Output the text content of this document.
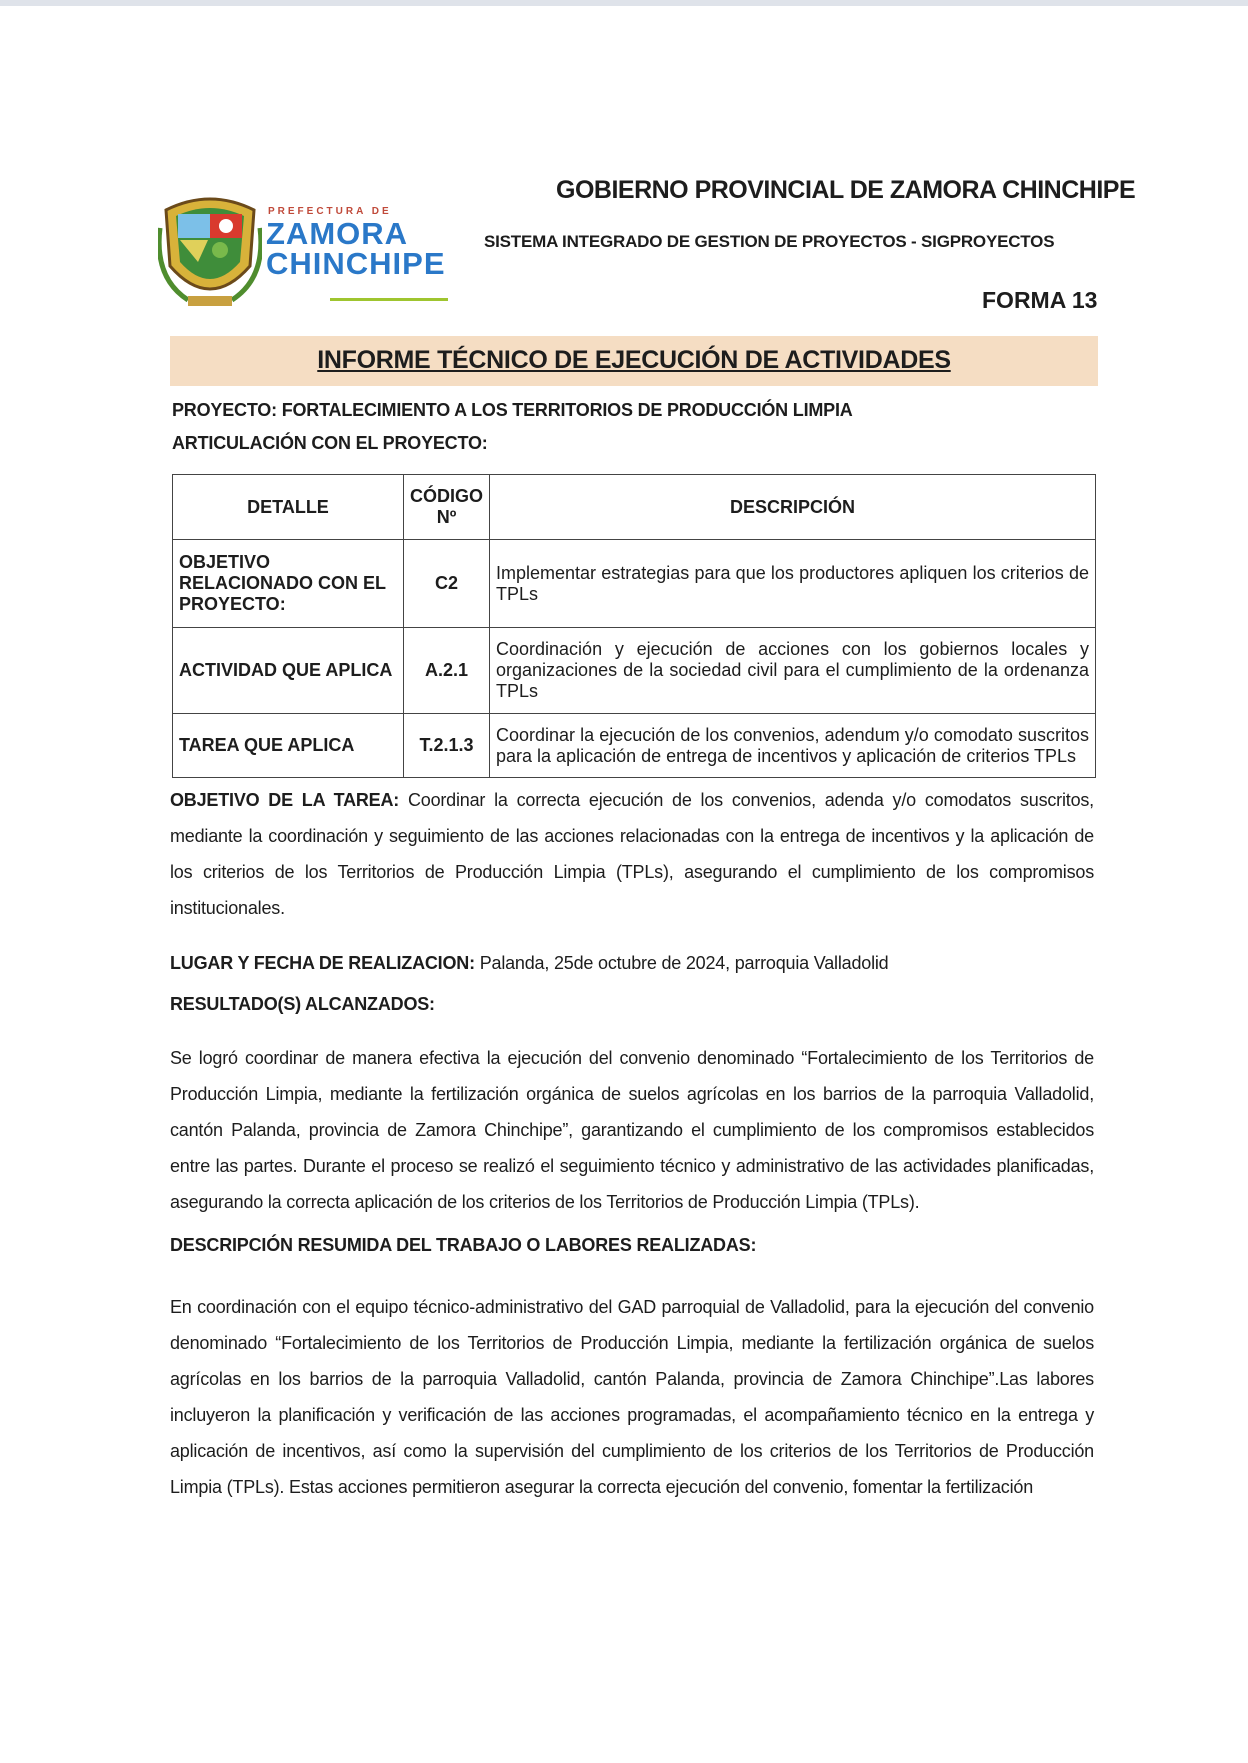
PREFECTURA DE
ZAMORA
CHINCHIPE
GOBIERNO PROVINCIAL DE ZAMORA CHINCHIPE
SISTEMA INTEGRADO DE GESTION DE PROYECTOS - SIGPROYECTOS
FORMA 13
INFORME TÉCNICO DE EJECUCIÓN DE ACTIVIDADES
PROYECTO: FORTALECIMIENTO A LOS TERRITORIOS DE PRODUCCIÓN LIMPIA
ARTICULACIÓN CON EL PROYECTO:
DETALLE	CÓDIGO Nº	DESCRIPCIÓN
OBJETIVO RELACIONADO CON EL PROYECTO:	C2	Implementar estrategias para que los productores apliquen los criterios de TPLs
ACTIVIDAD QUE APLICA	A.2.1	Coordinación y ejecución de acciones con los gobiernos locales y organizaciones de la sociedad civil para el cumplimiento de la ordenanza TPLs
TAREA QUE APLICA	T.2.1.3	Coordinar la ejecución de los convenios, adendum y/o comodato suscritos para la aplicación de entrega de incentivos y aplicación de criterios TPLs
OBJETIVO DE LA TAREA: Coordinar la correcta ejecución de los convenios, adenda y/o comodatos suscritos, mediante la coordinación y seguimiento de las acciones relacionadas con la entrega de incentivos y la aplicación de los criterios de los Territorios de Producción Limpia (TPLs), asegurando el cumplimiento de los compromisos institucionales.
LUGAR Y FECHA DE REALIZACION: Palanda, 25de octubre de 2024, parroquia Valladolid
RESULTADO(S) ALCANZADOS:
Se logró coordinar de manera efectiva la ejecución del convenio denominado “Fortalecimiento de los Territorios de Producción Limpia, mediante la fertilización orgánica de suelos agrícolas en los barrios de la parroquia Valladolid, cantón Palanda, provincia de Zamora Chinchipe”, garantizando el cumplimiento de los compromisos establecidos entre las partes. Durante el proceso se realizó el seguimiento técnico y administrativo de las actividades planificadas, asegurando la correcta aplicación de los criterios de los Territorios de Producción Limpia (TPLs).
DESCRIPCIÓN RESUMIDA DEL TRABAJO O LABORES REALIZADAS:
En coordinación con el equipo técnico-administrativo del GAD parroquial de Valladolid, para la ejecución del convenio denominado “Fortalecimiento de los Territorios de Producción Limpia, mediante la fertilización orgánica de suelos agrícolas en los barrios de la parroquia Valladolid, cantón Palanda, provincia de Zamora Chinchipe”.Las labores incluyeron la planificación y verificación de las acciones programadas, el acompañamiento técnico en la entrega y aplicación de incentivos, así como la supervisión del cumplimiento de los criterios de los Territorios de Producción Limpia (TPLs). Estas acciones permitieron asegurar la correcta ejecución del convenio, fomentar la fertilización
